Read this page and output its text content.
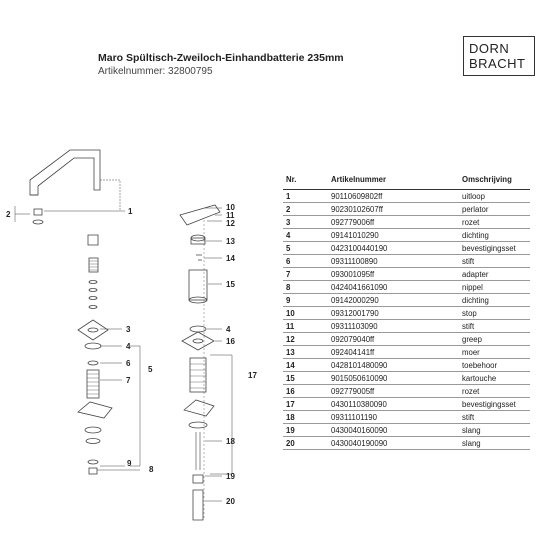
Maro Spültisch-Zweiloch-Einhandbatterie 235mm
Artikelnummer: 32800795
DORN
BRACHT
1
2
3
4
5
6
7
8
9
10
11
12
13
14
15
4
16
17
18
19
20
Nr.	Artikelnummer	Omschrijving
1	90110609802ff	uitloop
2	90230102607ff	perlator
3	092779006ff	rozet
4	09141010290	dichting
5	0423100440190	bevestigingsset
6	09311100890	stift
7	093001095ff	adapter
8	0424041661090	nippel
9	09142000290	dichting
10	09312001790	stop
11	09311103090	stift
12	092079040ff	greep
13	092404141ff	moer
14	0428101480090	toebehoor
15	9015050610090	kartouche
16	092779005ff	rozet
17	0430110380090	bevestigingsset
18	09311101190	stift
19	0430040160090	slang
20	0430040190090	slang
